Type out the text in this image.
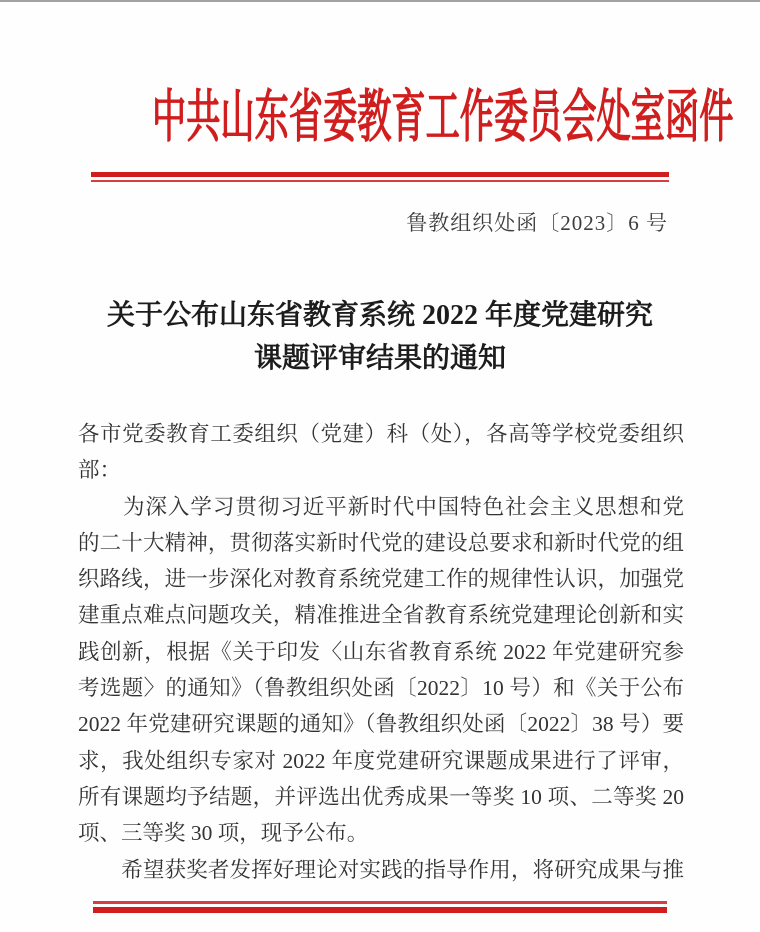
中共山东省委教育工作委员会处室函件
鲁教组织处函〔2023〕6 号
关于公布山东省教育系统 2022 年度党建研究
课题评审结果的通知
各市党委教育工委组织（党建）科（处），各高等学校党委组织
部：
　　为深入学习贯彻习近平新时代中国特色社会主义思想和党
的二十大精神，贯彻落实新时代党的建设总要求和新时代党的组
织路线，进一步深化对教育系统党建工作的规律性认识，加强党
建重点难点问题攻关，精准推进全省教育系统党建理论创新和实
践创新，根据《关于印发〈山东省教育系统 2022 年党建研究参
考选题〉的通知》（鲁教组织处函〔2022〕10 号）和《关于公布
2022 年党建研究课题的通知》（鲁教组织处函〔2022〕38 号）要
求，我处组织专家对 2022 年度党建研究课题成果进行了评审，
所有课题均予结题，并评选出优秀成果一等奖 10 项、二等奖 20
项、三等奖 30 项，现予公布。
　　希望获奖者发挥好理论对实践的指导作用，将研究成果与推
